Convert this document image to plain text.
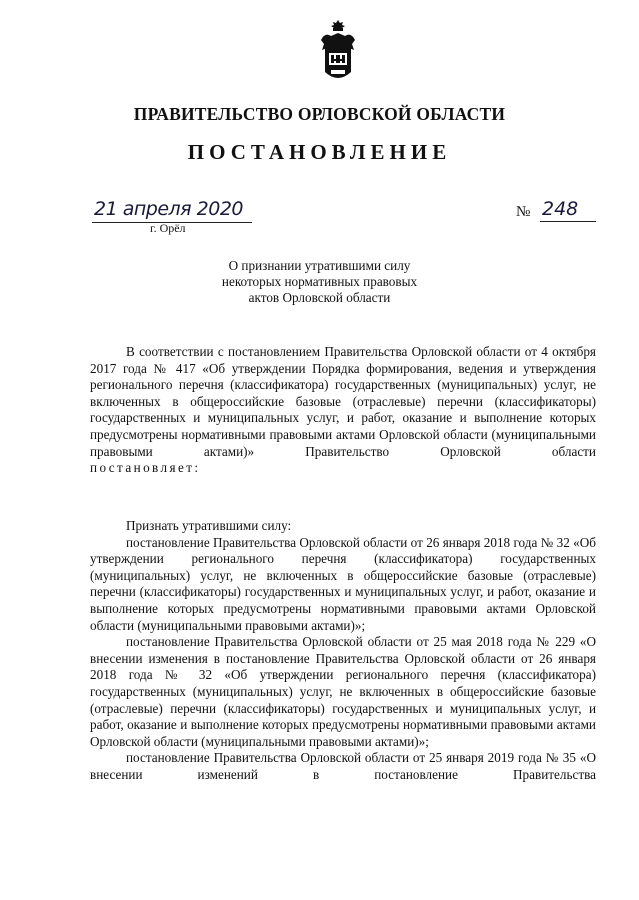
ПРАВИТЕЛЬСТВО ОРЛОВСКОЙ ОБЛАСТИ
ПОСТАНОВЛЕНИЕ
21 апреля 2020	№ 248
г. Орёл
О признании утратившими силу
некоторых нормативных правовых
актов Орловской области

В соответствии с постановлением Правительства Орловской области от 4 октября 2017 года № 417 «Об утверждении Порядка формирования, ведения и утверждения регионального перечня (классификатора) государственных (муниципальных) услуг, не включенных в общероссийские базовые (отраслевые) перечни (классификаторы) государственных и муниципальных услуг, и работ, оказание и выполнение которых предусмотрены нормативными правовыми актами Орловской области (муниципальными правовыми актами)» Правительство Орловской области

постановляет:

Признать утратившими силу:

постановление Правительства Орловской области от 26 января 2018 года № 32 «Об утверждении регионального перечня (классификатора) государственных (муниципальных) услуг, не включенных в общероссийские базовые (отраслевые) перечни (классификаторы) государственных и муниципальных услуг, и работ, оказание и выполнение которых предусмотрены нормативными правовыми актами Орловской области (муниципальными правовыми актами)»;

постановление Правительства Орловской области от 25 мая 2018 года № 229 «О внесении изменения в постановление Правительства Орловской области от 26 января 2018 года № 32 «Об утверждении регионального перечня (классификатора) государственных (муниципальных) услуг, не включенных в общероссийские базовые (отраслевые) перечни (классификаторы) государственных и муниципальных услуг, и работ, оказание и выполнение которых предусмотрены нормативными правовыми актами Орловской области (муниципальными правовыми актами)»;

постановление Правительства Орловской области от 25 января 2019 года № 35 «О внесении изменений в постановление Правительства
